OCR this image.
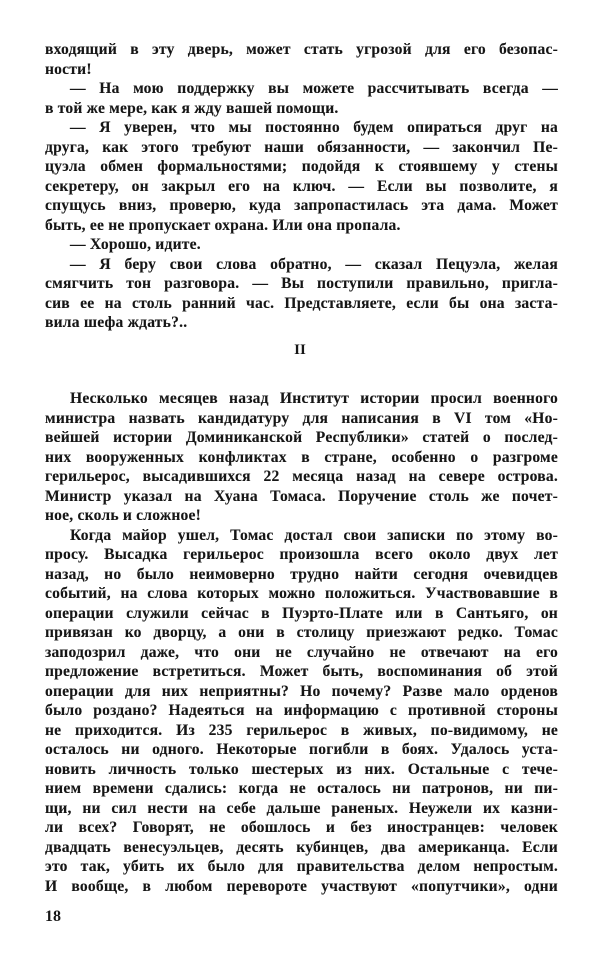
входящий в эту дверь, может стать угрозой для его безопас-
ности!
— На мою поддержку вы можете рассчитывать всегда —
в той же мере, как я жду вашей помощи.
— Я уверен, что мы постоянно будем опираться друг на
друга, как этого требуют наши обязанности, — закончил Пе-
цуэла обмен формальностями; подойдя к стоявшему у стены
секретеру, он закрыл его на ключ. — Если вы позволите, я
спущусь вниз, проверю, куда запропастилась эта дама. Может
быть, ее не пропускает охрана. Или она пропала.
— Хорошо, идите.
— Я беру свои слова обратно, — сказал Пецуэла, желая
смягчить тон разговора. — Вы поступили правильно, пригла-
сив ее на столь ранний час. Представляете, если бы она заста-
вила шефа ждать?..
II
Несколько месяцев назад Институт истории просил военного
министра назвать кандидатуру для написания в VI том «Но-
вейшей истории Доминиканской Республики» статей о послед-
них вооруженных конфликтах в стране, особенно о разгроме
герильерос, высадившихся 22 месяца назад на севере острова.
Министр указал на Хуана Томаса. Поручение столь же почет-
ное, сколь и сложное!
Когда майор ушел, Томас достал свои записки по этому во-
просу. Высадка герильерос произошла всего около двух лет
назад, но было неимоверно трудно найти сегодня очевидцев
событий, на слова которых можно положиться. Участвовавшие в
операции служили сейчас в Пуэрто-Плате или в Сантьяго, он
привязан ко дворцу, а они в столицу приезжают редко. Томас
заподозрил даже, что они не случайно не отвечают на его
предложение встретиться. Может быть, воспоминания об этой
операции для них неприятны? Но почему? Разве мало орденов
было роздано? Надеяться на информацию с противной стороны
не приходится. Из 235 герильерос в живых, по-видимому, не
осталось ни одного. Некоторые погибли в боях. Удалось уста-
новить личность только шестерых из них. Остальные с тече-
нием времени сдались: когда не осталось ни патронов, ни пи-
щи, ни сил нести на себе дальше раненых. Неужели их казни-
ли всех? Говорят, не обошлось и без иностранцев: человек
двадцать венесуэльцев, десять кубинцев, два американца. Если
это так, убить их было для правительства делом непростым.
И вообще, в любом перевороте участвуют «попутчики», одни
18
